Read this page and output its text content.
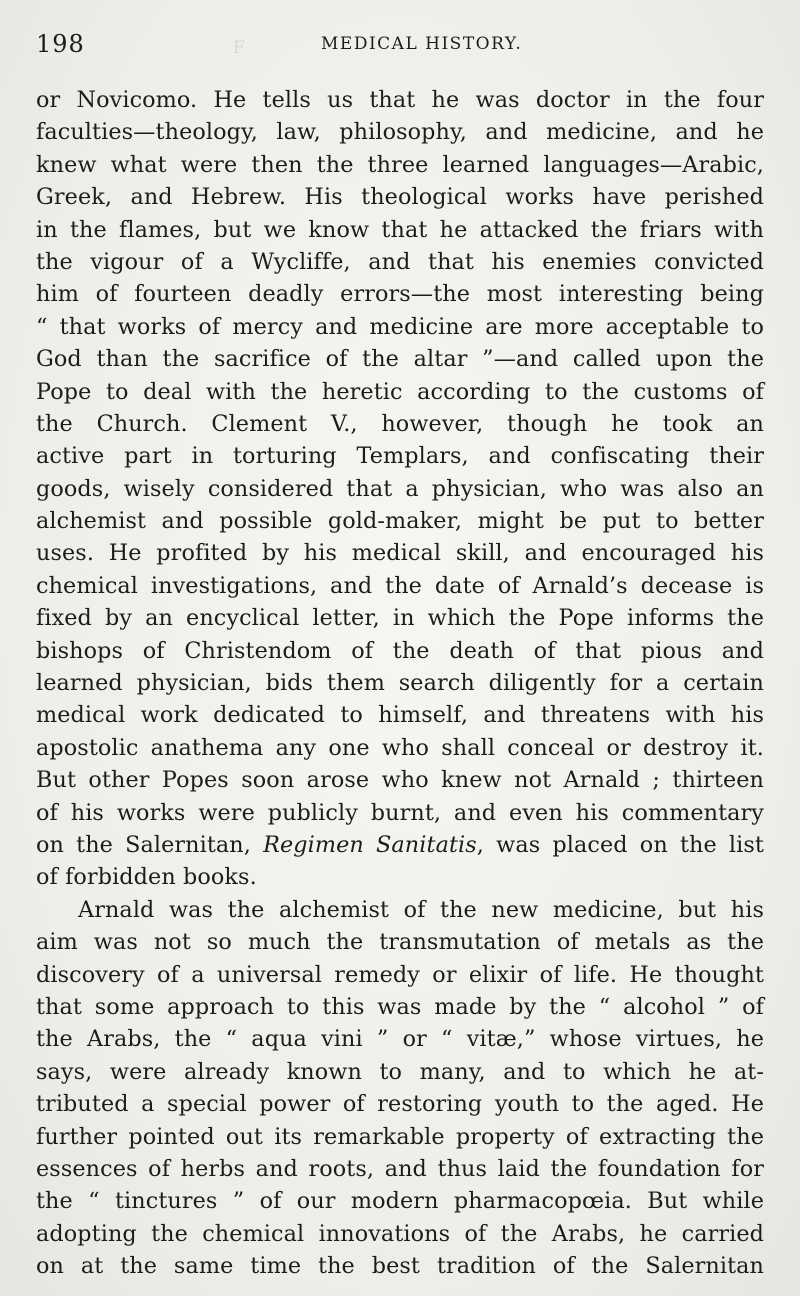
ꟻ
198	MEDICAL HISTORY.
or Novicomo. He tells us that he was doctor in the four
faculties—theology, law, philosophy, and medicine, and he
knew what were then the three learned languages—Arabic,
Greek, and Hebrew. His theological works have perished
in the flames, but we know that he attacked the friars with
the vigour of a Wycliffe, and that his enemies convicted
him of fourteen deadly errors—the most interesting being
“ that works of mercy and medicine are more acceptable to
God than the sacrifice of the altar ”—and called upon the
Pope to deal with the heretic according to the customs of
the Church. Clement V., however, though he took an
active part in torturing Templars, and confiscating their
goods, wisely considered that a physician, who was also an
alchemist and possible gold-maker, might be put to better
uses. He profited by his medical skill, and encouraged his
chemical investigations, and the date of Arnald’s decease is
fixed by an encyclical letter, in which the Pope informs the
bishops of Christendom of the death of that pious and
learned physician, bids them search diligently for a certain
medical work dedicated to himself, and threatens with his
apostolic anathema any one who shall conceal or destroy it.
But other Popes soon arose who knew not Arnald ; thirteen
of his works were publicly burnt, and even his commentary
on the Salernitan, Regimen Sanitatis, was placed on the list
of forbidden books.
Arnald was the alchemist of the new medicine, but his
aim was not so much the transmutation of metals as the
discovery of a universal remedy or elixir of life. He thought
that some approach to this was made by the “ alcohol ” of
the Arabs, the “ aqua vini ” or “ vitæ,” whose virtues, he
says, were already known to many, and to which he at-
tributed a special power of restoring youth to the aged. He
further pointed out its remarkable property of extracting the
essences of herbs and roots, and thus laid the foundation for
the “ tinctures ” of our modern pharmacopœia. But while
adopting the chemical innovations of the Arabs, he carried
on at the same time the best tradition of the Salernitan
